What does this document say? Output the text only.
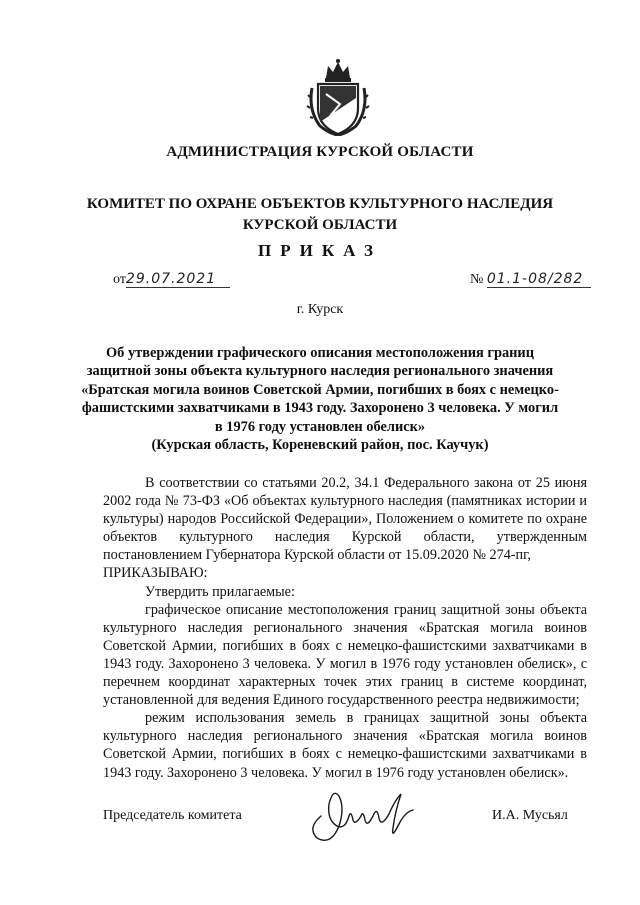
АДМИНИСТРАЦИЯ КУРСКОЙ ОБЛАСТИ
КОМИТЕТ ПО ОХРАНЕ ОБЪЕКТОВ КУЛЬТУРНОГО НАСЛЕДИЯ
КУРСКОЙ ОБЛАСТИ
ПРИКАЗ
от29.07.2021	№ 01.1-08/282
г. Курск
Об утверждении графического описания местоположения границ
защитной зоны объекта культурного наследия регионального значения
«Братская могила воинов Советской Армии, погибших в боях с немецко-
фашистскими захватчиками в 1943 году. Захоронено 3 человека. У могил
в 1976 году установлен обелиск»
(Курская область, Кореневский район, пос. Каучук)

В соответствии со статьями 20.2, 34.1 Федерального закона от 25 июня 2002 года № 73-ФЗ «Об объектах культурного наследия (памятниках истории и культуры) народов Российской Федерации», Положением о комитете по охране объектов культурного наследия Курской области, утвержденным постановлением Губернатора Курской области от 15.09.2020 № 274-пг,

ПРИКАЗЫВАЮ:

Утвердить прилагаемые:

графическое описание местоположения границ защитной зоны объекта культурного наследия регионального значения «Братская могила воинов Советской Армии, погибших в боях с немецко-фашистскими захватчиками в 1943 году. Захоронено 3 человека. У могил в 1976 году установлен обелиск», с перечнем координат характерных точек этих границ в системе координат, установленной для ведения Единого государственного реестра недвижимости;

режим использования земель в границах защитной зоны объекта культурного наследия регионального значения «Братская могила воинов Советской Армии, погибших в боях с немецко-фашистскими захватчиками в 1943 году. Захоронено 3 человека. У могил в 1976 году установлен обелиск».

Председатель комитета	И.А. Мусьял
